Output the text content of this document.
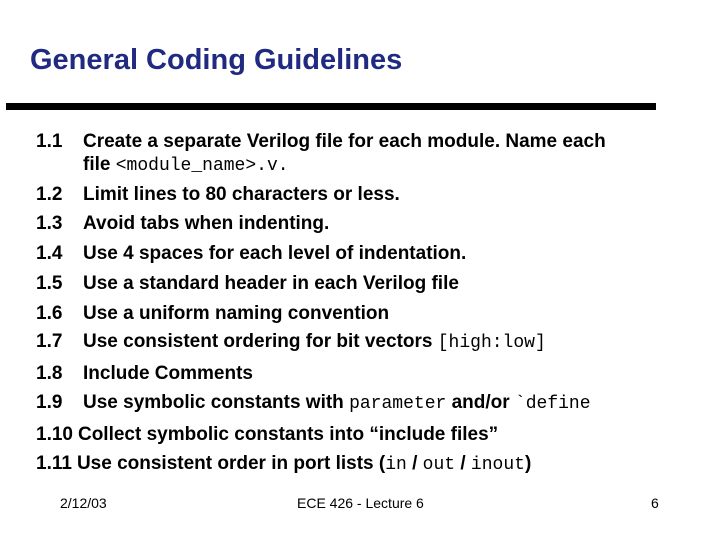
General Coding Guidelines
1.1 Create a separate Verilog file for each module. Name each
file <module_name>.v.
1.2 Limit lines to 80 characters or less.
1.3 Avoid tabs when indenting.
1.4 Use 4 spaces for each level of indentation.
1.5 Use a standard header in each Verilog file
1.6 Use a uniform naming convention
1.7 Use consistent ordering for bit vectors [high:low]
1.8 Include Comments
1.9 Use symbolic constants with parameter and/or `define
1.10 Collect symbolic constants into “include files”
1.11 Use consistent order in port lists (in / out / inout)
2/12/03	ECE 426 - Lecture 6	6
